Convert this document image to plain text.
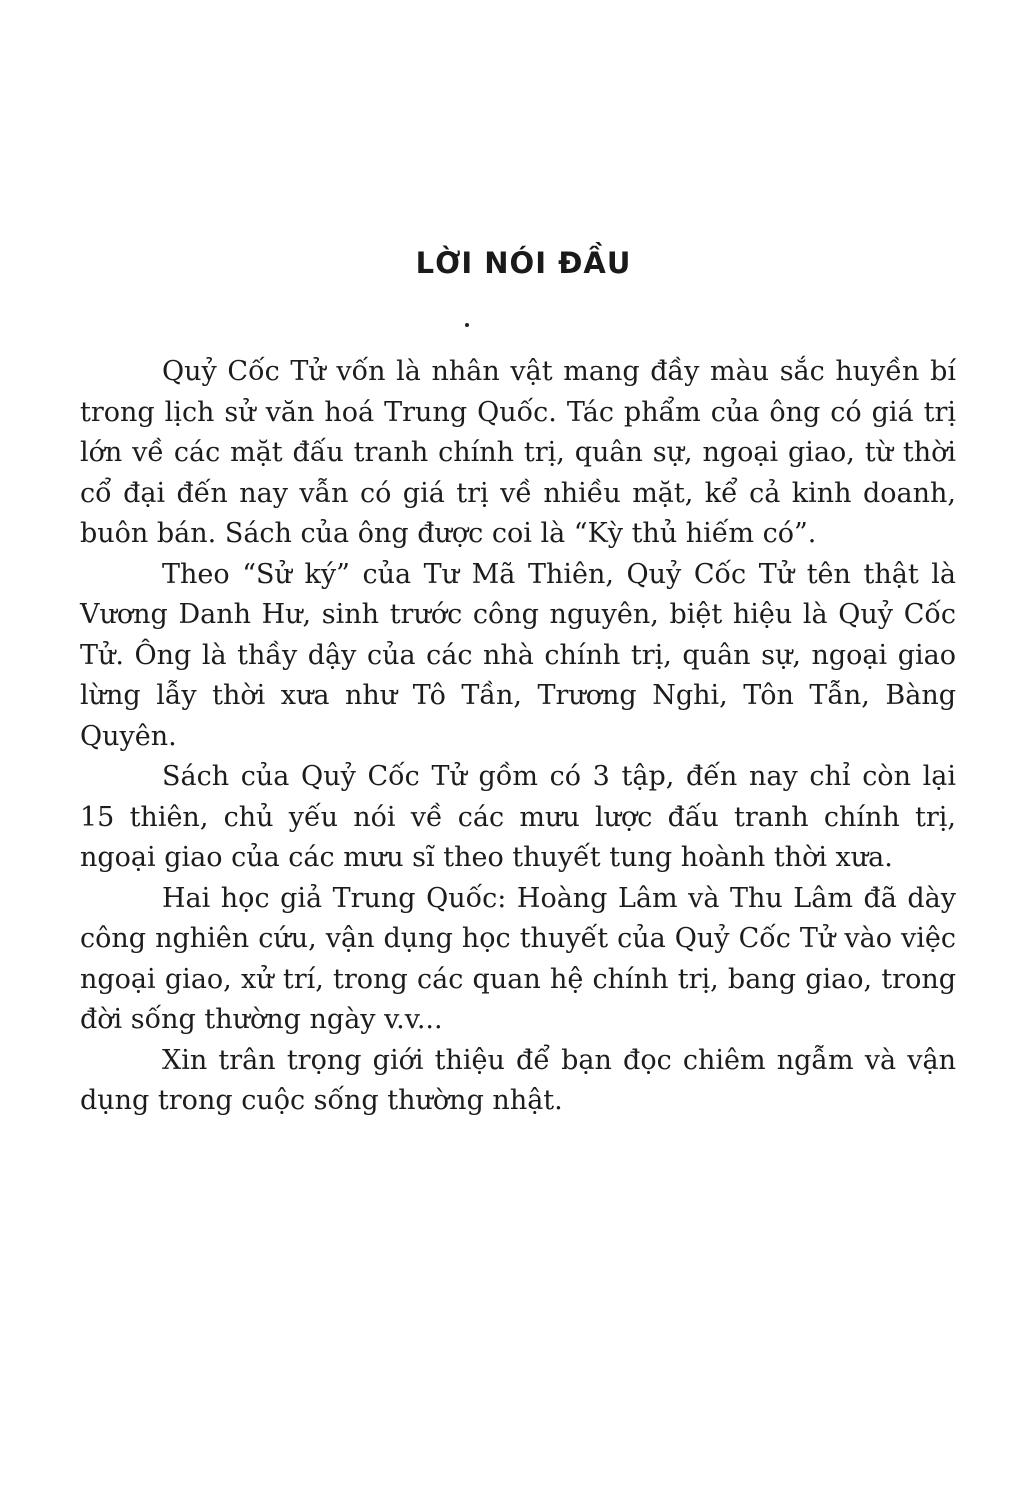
LỜI NÓI ĐẦU

Quỷ Cốc Tử vốn là nhân vật mang đầy màu sắc huyền bí trong lịch sử văn hoá Trung Quốc. Tác phẩm của ông có giá trị lớn về các mặt đấu tranh chính trị, quân sự, ngoại giao, từ thời cổ đại đến nay vẫn có giá trị về nhiều mặt, kể cả kinh doanh, buôn bán. Sách của ông được coi là “Kỳ thủ hiếm có”.

Theo “Sử ký” của Tư Mã Thiên, Quỷ Cốc Tử tên thật là Vương Danh Hư, sinh trước công nguyên, biệt hiệu là Quỷ Cốc Tử. Ông là thầy dậy của các nhà chính trị, quân sự, ngoại giao lừng lẫy thời xưa như Tô Tần, Trương Nghi, Tôn Tẫn, Bàng Quyên.

Sách của Quỷ Cốc Tử gồm có 3 tập, đến nay chỉ còn lại 15 thiên, chủ yếu nói về các mưu lược đấu tranh chính trị, ngoại giao của các mưu sĩ theo thuyết tung hoành thời xưa.

Hai học giả Trung Quốc: Hoàng Lâm và Thu Lâm đã dày công nghiên cứu, vận dụng học thuyết của Quỷ Cốc Tử vào việc ngoại giao, xử trí, trong các quan hệ chính trị, bang giao, trong đời sống thường ngày v.v...

Xin trân trọng giới thiệu để bạn đọc chiêm ngẫm và vận dụng trong cuộc sống thường nhật.
